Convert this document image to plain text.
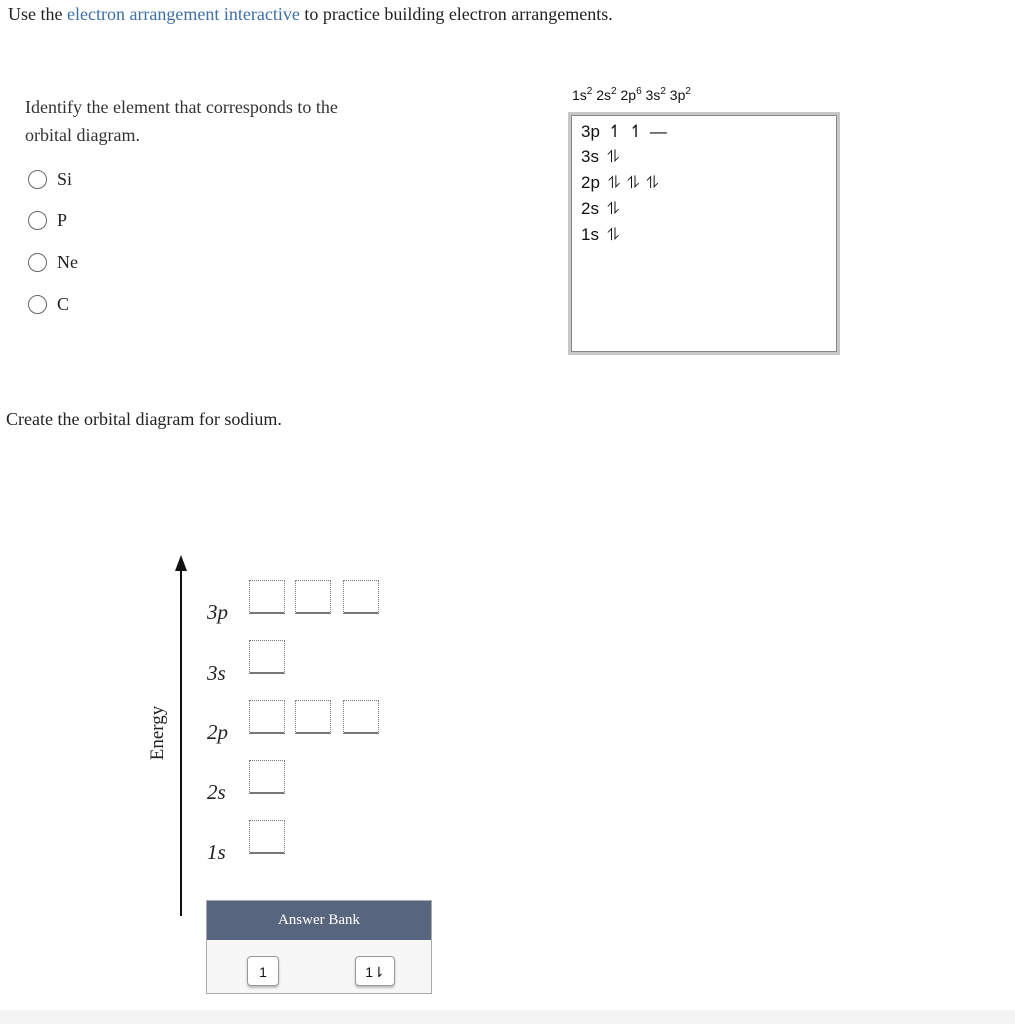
Use the electron arrangement interactive to practice building electron arrangements.
Identify the element that corresponds to the
orbital diagram.
Si
P
Ne
C
$1s^2$ $2s^2$ $2p^6$ $3s^2$ $3p^2$
3p ↿ ↿ —
3s ⥮
2p ⥮ ⥮ ⥮
2s ⥮
1s ⥮
Create the orbital diagram for sodium.
Energy
3p
3s
2p
2s
1s
Answer Bank
1	1⇂
